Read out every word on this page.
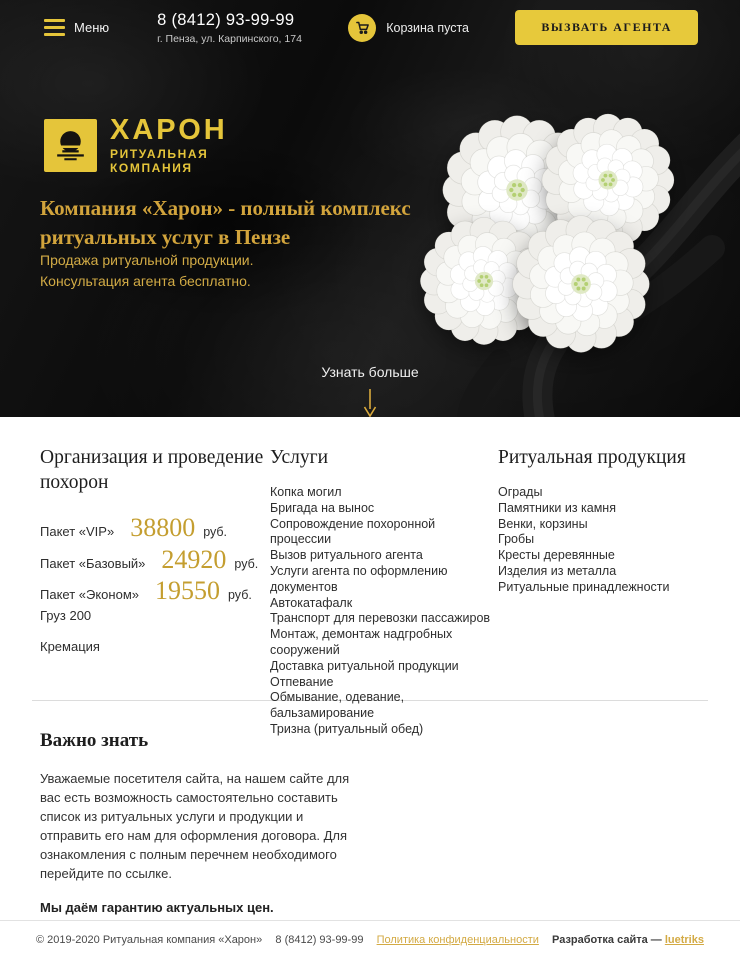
Меню	8 (8412) 93-99-99
г. Пенза, ул. Карпинского, 174
Корзина пуста	ВЫЗВАТЬ АГЕНТА
ХАРОН
РИТУАЛЬНАЯ
КОМПАНИЯ
Компания «Харон» - полный комплекс ритуальных услуг в Пензе
Продажа ритуальной продукции.
Консультация агента бесплатно.
Узнать больше
Организация и проведение похорон
Пакет «VIP» 38800 руб.
Пакет «Базовый» 24920 руб.
Пакет «Эконом» 19550 руб.
Груз 200
Кремация
Услуги
Копка могил
Бригада на вынос
Сопровождение похоронной процессии
Вызов ритуального агента
Услуги агента по оформлению документов
Автокатафалк
Транспорт для перевозки пассажиров
Монтаж, демонтаж надгробных сооружений
Доставка ритуальной продукции
Отпевание
Обмывание, одевание, бальзамирование
Тризна (ритуальный обед)
Ритуальная продукция
Ограды
Памятники из камня
Венки, корзины
Гробы
Кресты деревянные
Изделия из металла
Ритуальные принадлежности
Важно знать

Уважаемые посетителя сайта, на нашем сайте для вас есть возможность самостоятельно составить список из ритуальных услуги и продукции и отправить его нам для оформления договора. Для ознакомления с полным перечнем необходимого перейдите по ссылке.

Мы даём гарантию актуальных цен.

© 2019-2020 Ритуальная компания «Харон» 8 (8412) 93-99-99 Политика конфиденциальности Разработка сайта — luetriks
